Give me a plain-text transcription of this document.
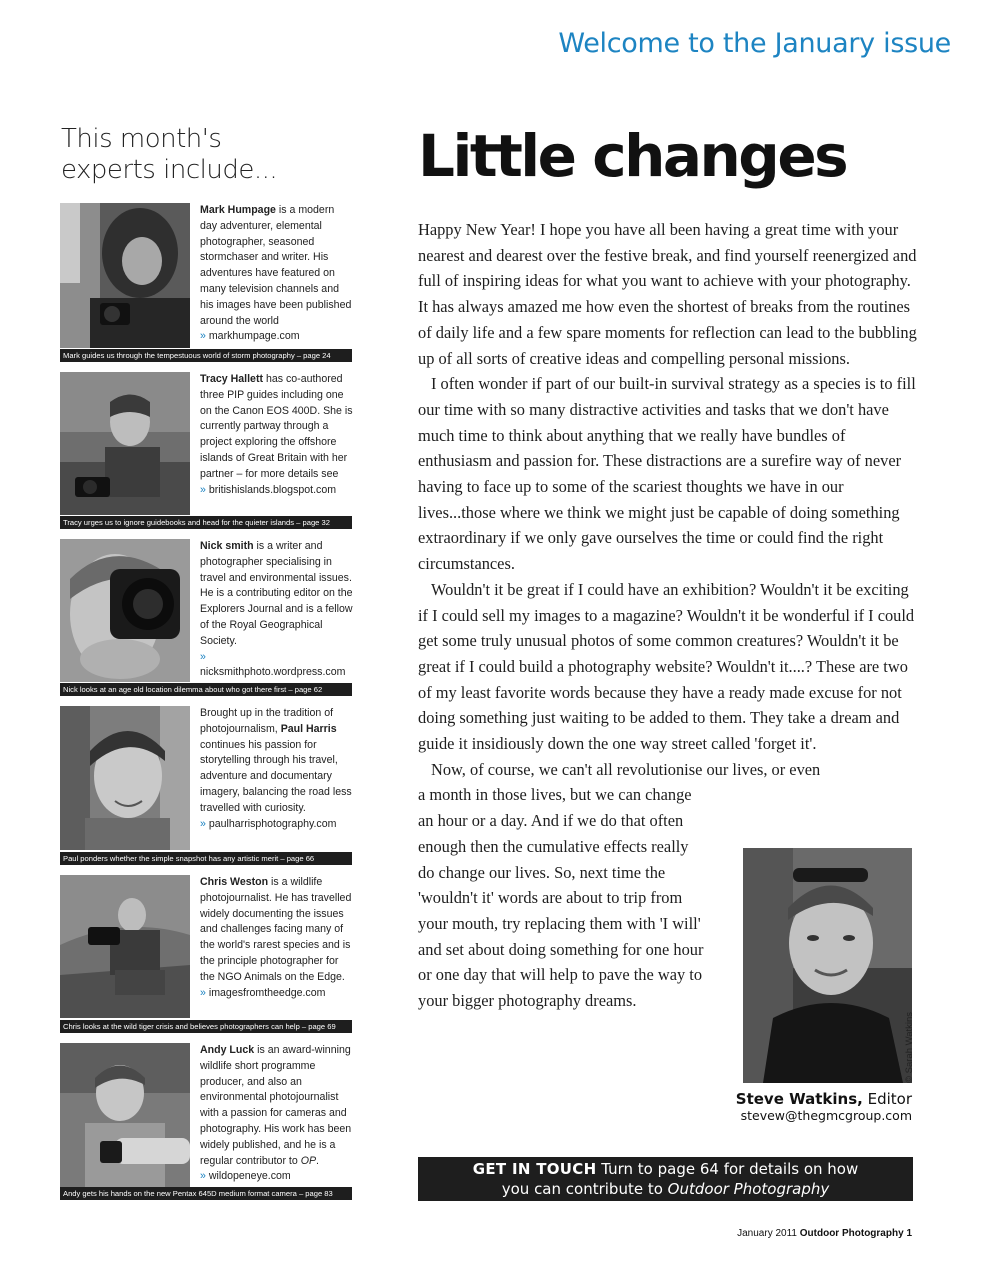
Welcome to the January issue
This month's
experts include...
Mark Humpage is a modern day adventurer, elemental photographer, seasoned stormchaser and writer. His adventures have featured on many television channels and his images have been published around the world
» markhumpage.com
Mark guides us through the tempestuous world of storm photography – page 24
Tracy Hallett has co-authored three PIP guides including one on the Canon EOS 400D. She is currently partway through a project exploring the offshore islands of Great Britain with her partner – for more details see
» britishislands.blogspot.com
Tracy urges us to ignore guidebooks and head for the quieter islands – page 32
Nick smith is a writer and photographer specialising in travel and environmental issues. He is a contributing editor on the Explorers Journal and is a fellow of the Royal Geographical Society.
» nicksmithphoto.wordpress.com
Nick looks at an age old location dilemma about who got there first – page 62
Brought up in the tradition of photojournalism, Paul Harris continues his passion for storytelling through his travel, adventure and documentary imagery, balancing the road less travelled with curiosity.
» paulharrisphotography.com
Paul ponders whether the simple snapshot has any artistic merit – page 66
Chris Weston is a wildlife photojournalist. He has travelled widely documenting the issues and challenges facing many of the world's rarest species and is the principle photographer for the NGO Animals on the Edge.
» imagesfromtheedge.com
Chris looks at the wild tiger crisis and believes photographers can help – page 69
Andy Luck is an award-winning wildlife short programme producer, and also an environmental photojournalist with a passion for cameras and photography. His work has been widely published, and he is a regular contributor to OP.
» wildopeneye.com
Andy gets his hands on the new Pentax 645D medium format camera – page 83
Little changes

Happy New Year! I hope you have all been having a great time with your nearest and dearest over the festive break, and find yourself reenergized and full of inspiring ideas for what you want to achieve with your photography. It has always amazed me how even the shortest of breaks from the routines of daily life and a few spare moments for reflection can lead to the bubbling up of all sorts of creative ideas and compelling personal missions.

I often wonder if part of our built-in survival strategy as a species is to fill our time with so many distractive activities and tasks that we don't have much time to think about anything that we really have bundles of enthusiasm and passion for. These distractions are a surefire way of never having to face up to some of the scariest thoughts we have in our lives...those where we think we might just be capable of doing something extraordinary if we only gave ourselves the time or could find the right circumstances.

Wouldn't it be great if I could have an exhibition? Wouldn't it be exciting if I could sell my images to a magazine? Wouldn't it be wonderful if I could get some truly unusual photos of some common creatures? Wouldn't it be great if I could build a photography website? Wouldn't it....? These are two of my least favorite words because they have a ready made excuse for not doing something just waiting to be added to them. They take a dream and guide it insidiously down the one way street called 'forget it'.

Now, of course, we can't all revolutionise our lives, or even

a month in those lives, but we can change an hour or a day. And if we do that often enough then the cumulative effects really do change our lives. So, next time the 'wouldn't it' words are about to trip from your mouth, try replacing them with 'I will' and set about doing something for one hour or one day that will help to pave the way to your bigger photography dreams.
© Sarah Watkins
Steve Watkins, Editor
stevew@thegmcgroup.com
GET IN TOUCH Turn to page 64 for details on how
you can contribute to Outdoor Photography
January 2011 Outdoor Photography 1
